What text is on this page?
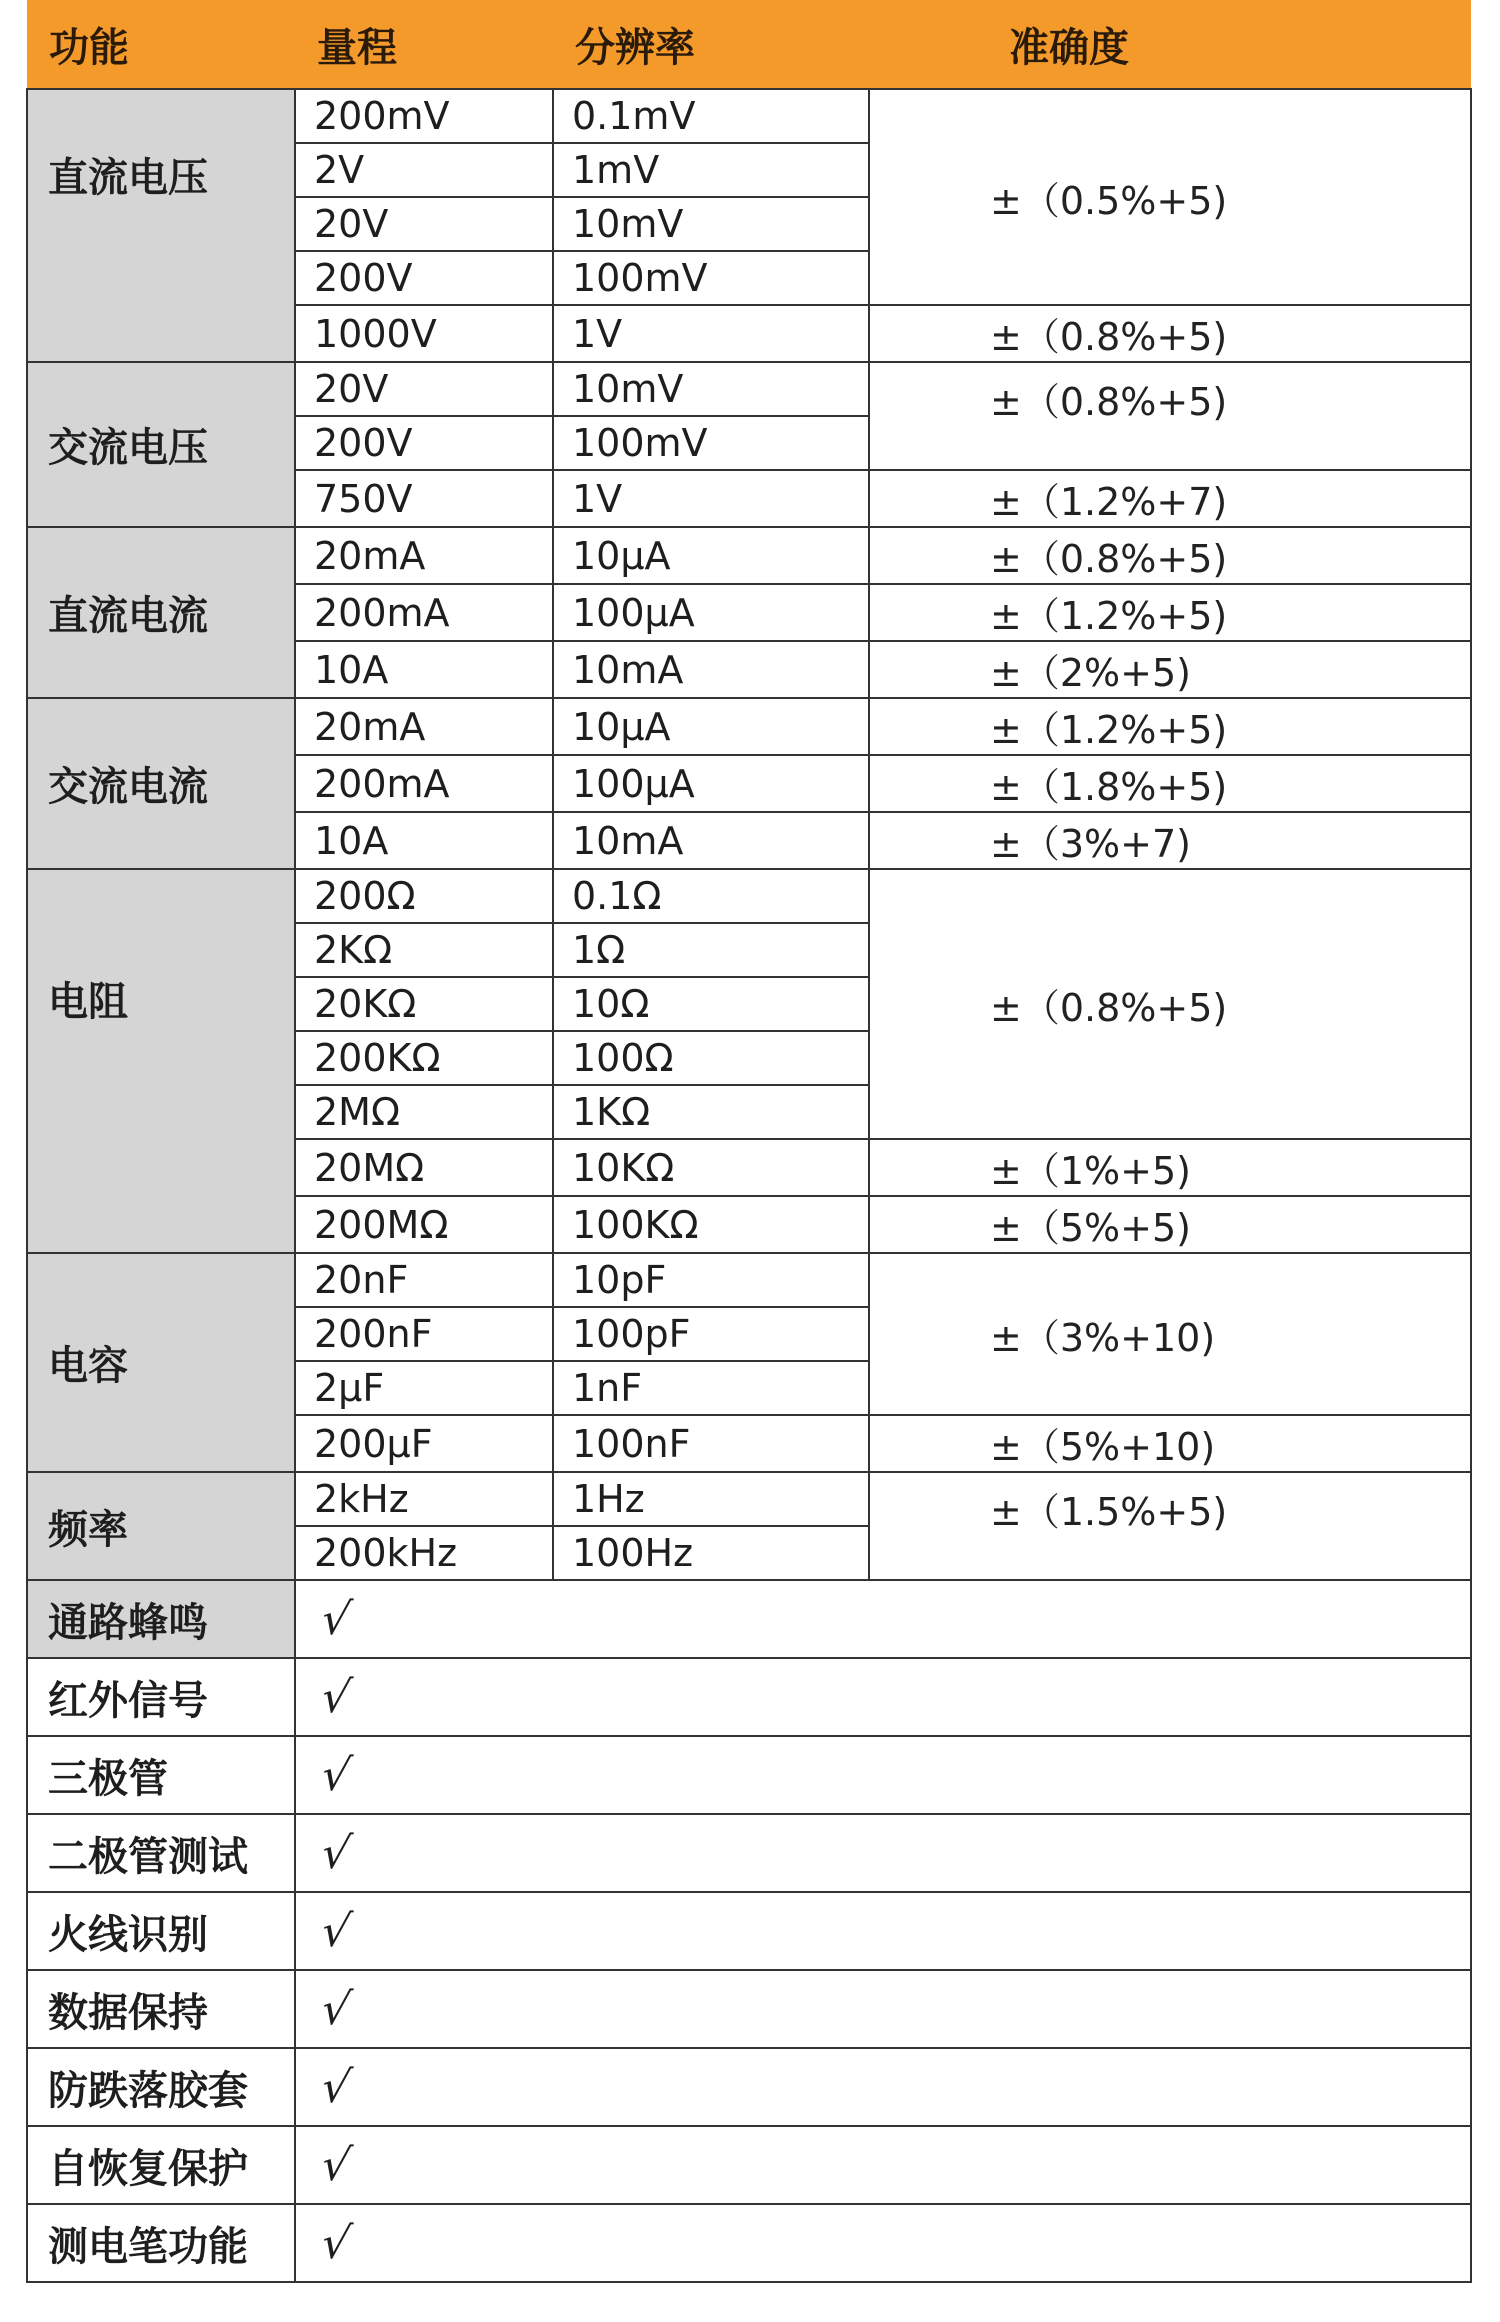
功能	量程	分辨率	准确度
直流电压	200mV	0.1mV	±（0.5%+5)
	2V	1mV	
	20V	10mV	
	200V	100mV	
	1000V	1V	±（0.8%+5)
交流电压	20V	10mV	±（0.8%+5)
	200V	100mV	
	750V	1V	±（1.2%+7)
直流电流	20mA	10μA	±（0.8%+5)
	200mA	100μA	±（1.2%+5)
	10A	10mA	±（2%+5)
交流电流	20mA	10μA	±（1.2%+5)
	200mA	100μA	±（1.8%+5)
	10A	10mA	±（3%+7)
电阻	200Ω	0.1Ω	±（0.8%+5)
	2KΩ	1Ω	
	20KΩ	10Ω	
	200KΩ	100Ω	
	2MΩ	1KΩ	
	20MΩ	10KΩ	±（1%+5)
	200MΩ	100KΩ	±（5%+5)
电容	20nF	10pF	±（3%+10)
	200nF	100pF	
	2μF	1nF	
	200μF	100nF	±（5%+10)
频率	2kHz	1Hz	±（1.5%+5)
	200kHz	100Hz	
通路蜂鸣	√		
红外信号	√		
三极管	√		
二极管测试	√		
火线识别	√		
数据保持	√		
防跌落胶套	√		
自恢复保护	√		
测电笔功能	√		
